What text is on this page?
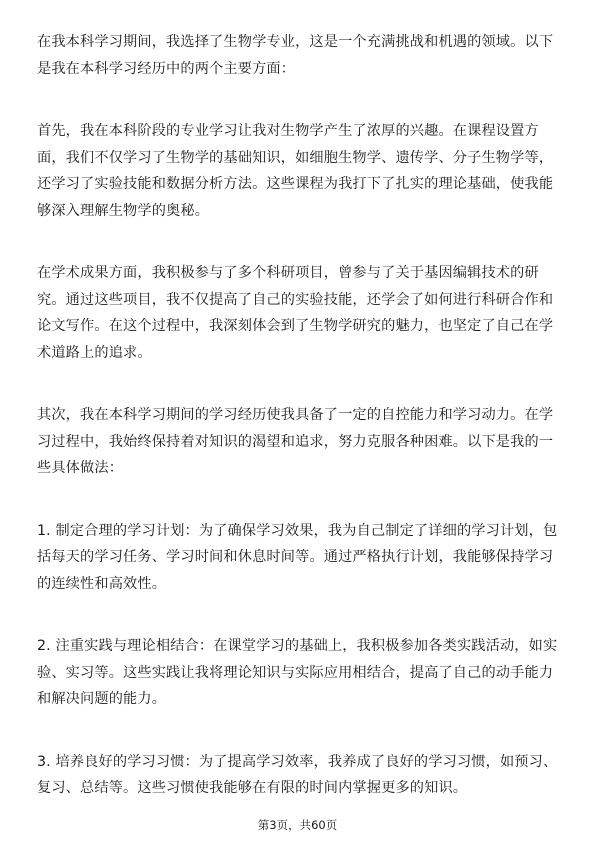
在我本科学习期间，我选择了生物学专业，这是一个充满挑战和机遇的领域。以下
是我在本科学习经历中的两个主要方面：

首先，我在本科阶段的专业学习让我对生物学产生了浓厚的兴趣。在课程设置方
面，我们不仅学习了生物学的基础知识，如细胞生物学、遗传学、分子生物学等，
还学习了实验技能和数据分析方法。这些课程为我打下了扎实的理论基础，使我能
够深入理解生物学的奥秘。

在学术成果方面，我积极参与了多个科研项目，曾参与了关于基因编辑技术的研
究。通过这些项目，我不仅提高了自己的实验技能，还学会了如何进行科研合作和
论文写作。在这个过程中，我深刻体会到了生物学研究的魅力，也坚定了自己在学
术道路上的追求。

其次，我在本科学习期间的学习经历使我具备了一定的自控能力和学习动力。在学
习过程中，我始终保持着对知识的渴望和追求，努力克服各种困难。以下是我的一
些具体做法：

1. 制定合理的学习计划：为了确保学习效果，我为自己制定了详细的学习计划，包
括每天的学习任务、学习时间和休息时间等。通过严格执行计划，我能够保持学习
的连续性和高效性。

2. 注重实践与理论相结合：在课堂学习的基础上，我积极参加各类实践活动，如实
验、实习等。这些实践让我将理论知识与实际应用相结合，提高了自己的动手能力
和解决问题的能力。

3. 培养良好的学习习惯：为了提高学习效率，我养成了良好的学习习惯，如预习、
复习、总结等。这些习惯使我能够在有限的时间内掌握更多的知识。

第3页，共60页
